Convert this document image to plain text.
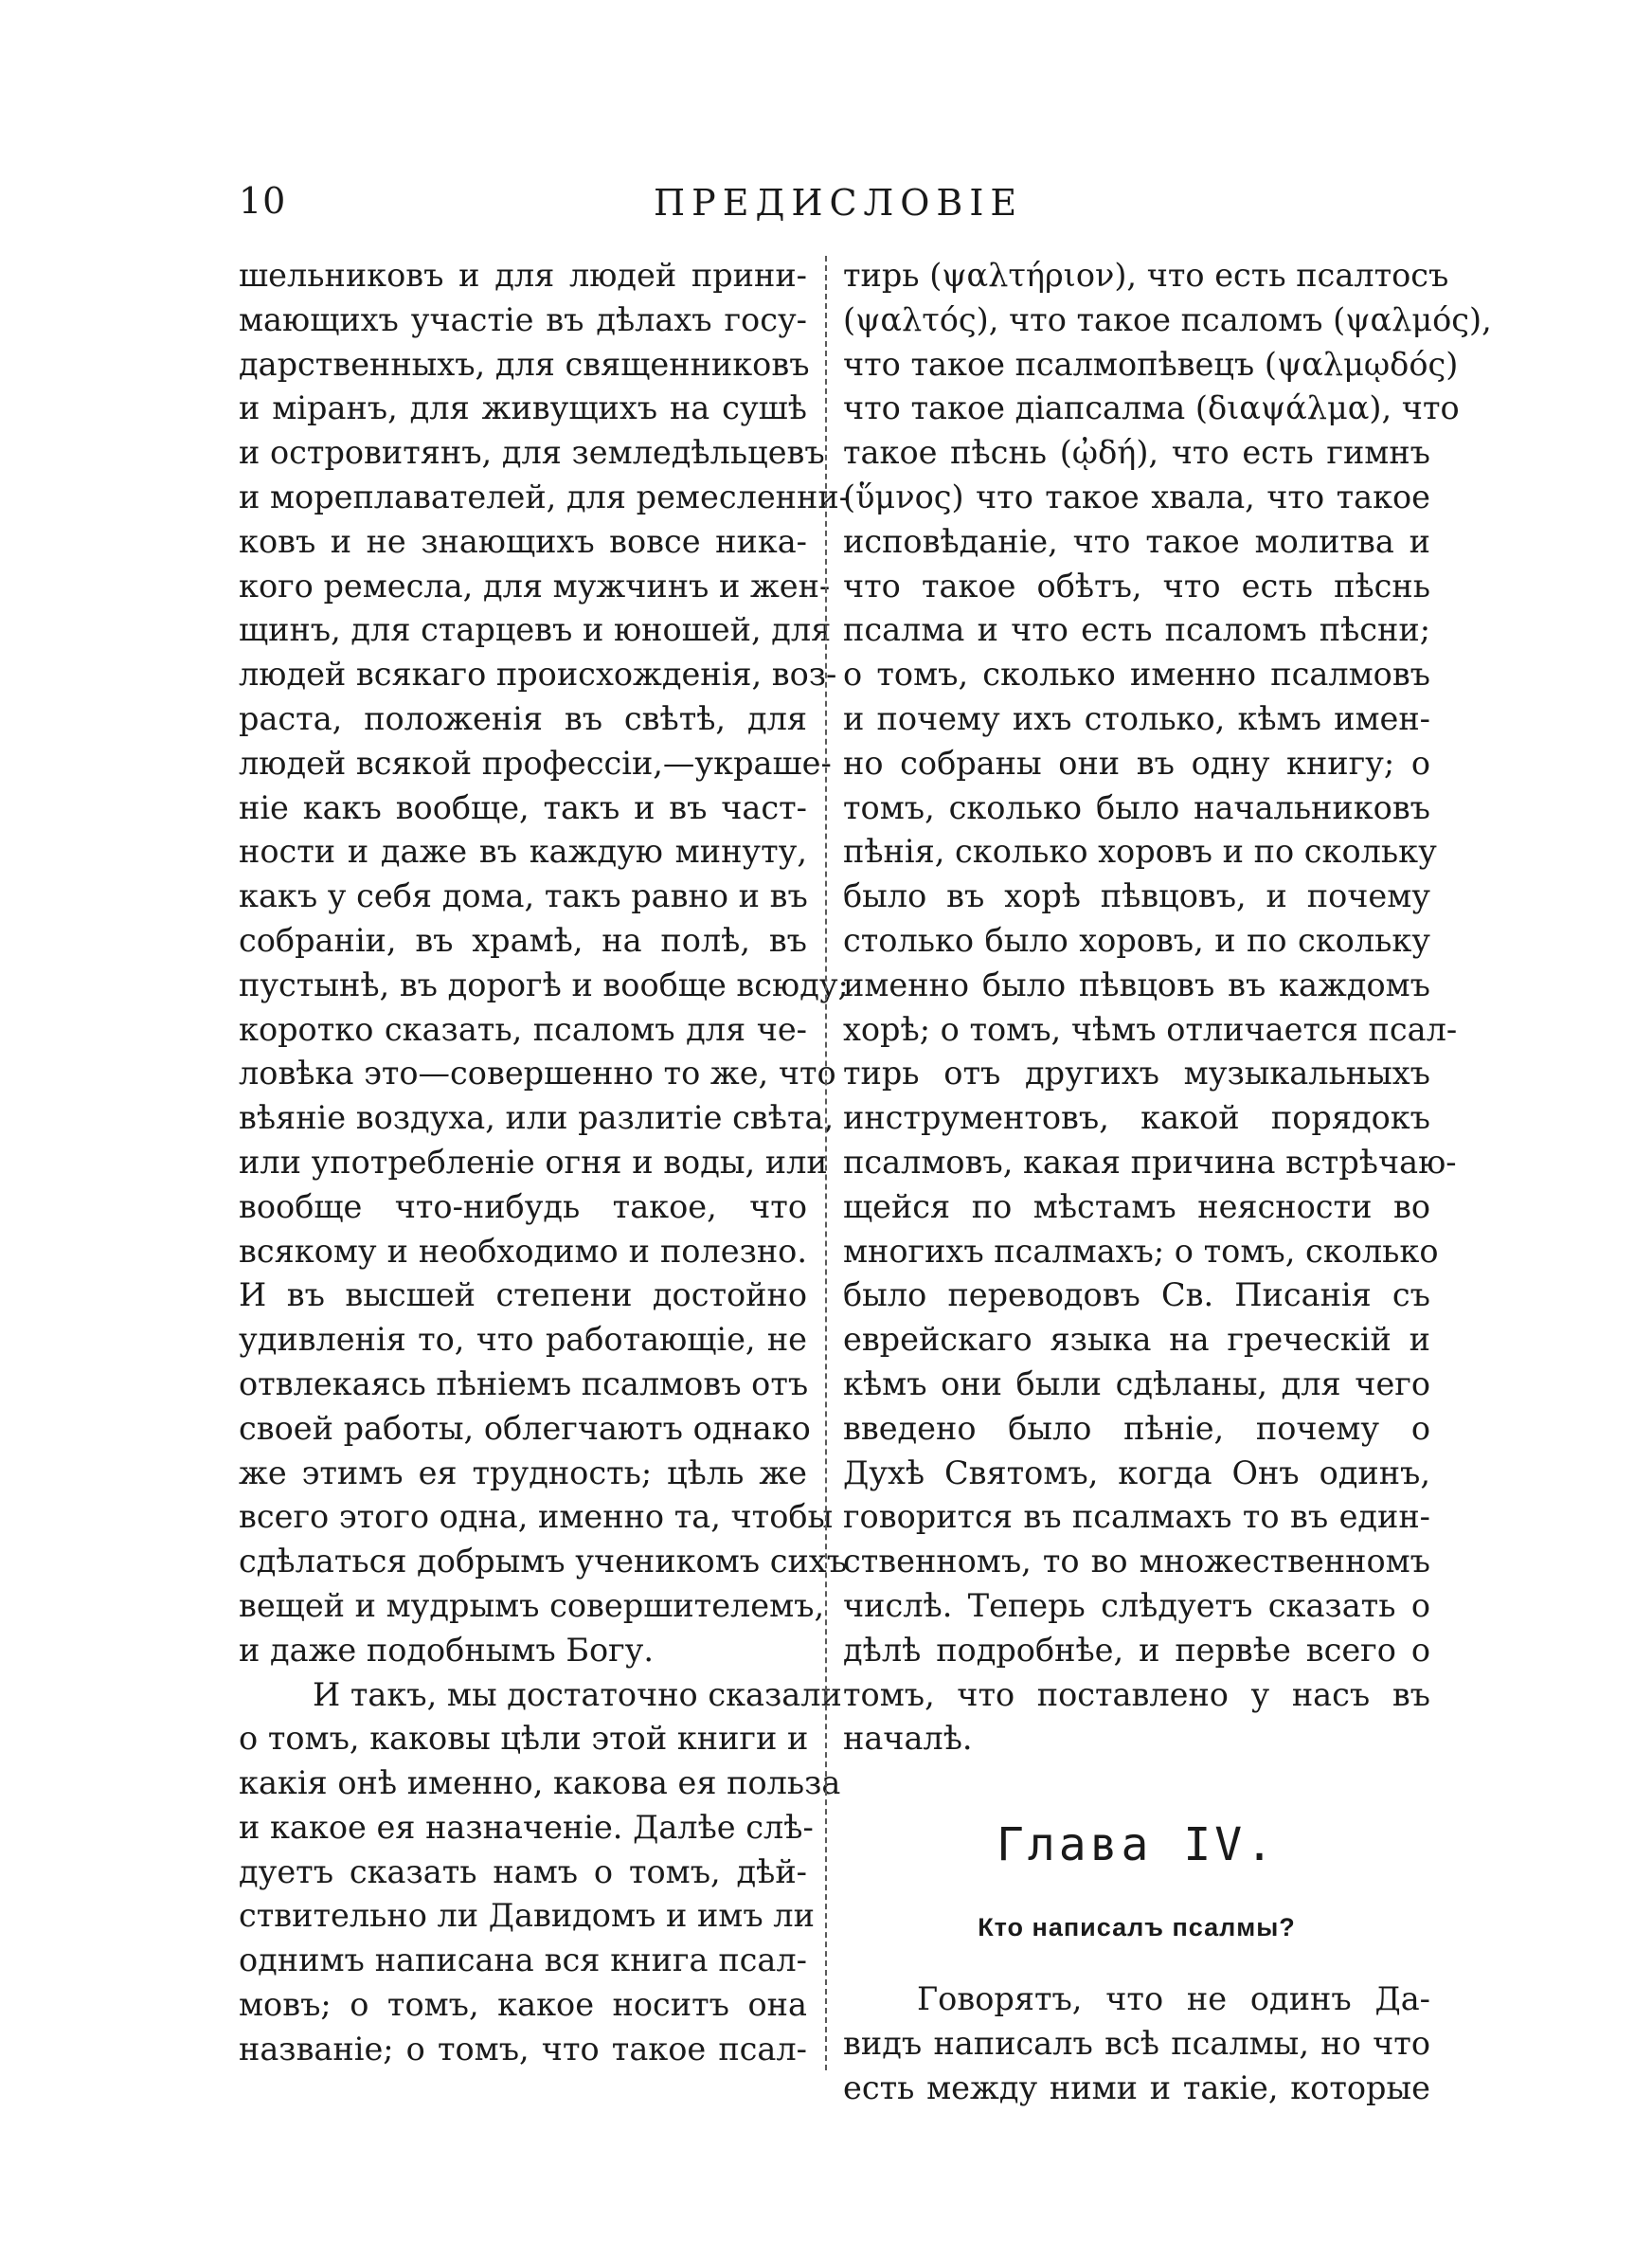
10	ПРЕДИСЛОВІЕ
шельниковъ и для людей прини-
мающихъ участіе въ дѣлахъ госу-
дарственныхъ, для священниковъ
и міранъ, для живущихъ на сушѣ
и островитянъ, для земледѣльцевъ
и мореплавателей, для ремесленни-
ковъ и не знающихъ вовсе ника-
кого ремесла, для мужчинъ и жен-
щинъ, для старцевъ и юношей, для
людей всякаго происхожденія, воз-
раста, положенія въ свѣтѣ, для
людей всякой профессіи,—украше-
ніе какъ вообще, такъ и въ част-
ности и даже въ каждую минуту,
какъ у себя дома, такъ равно и въ
собраніи, въ храмѣ, на полѣ, въ
пустынѣ, въ дорогѣ и вообще всюду;
коротко сказать, псаломъ для че-
ловѣка это—совершенно то же, что
вѣяніе воздуха, или разлитіе свѣта,
или употребленіе огня и воды, или
вообще что-нибудь такое, что
всякому и необходимо и полезно.
И въ высшей степени достойно
удивленія то, что работающіе, не
отвлекаясь пѣніемъ псалмовъ отъ
своей работы, облегчаютъ однако
же этимъ ея трудность; цѣль же
всего этого одна, именно та, чтобы
сдѣлаться добрымъ ученикомъ сихъ
вещей и мудрымъ совершителемъ,
и даже подобнымъ Богу.
И такъ, мы достаточно сказали
о томъ, каковы цѣли этой книги и
какія онѣ именно, какова ея польза
и какое ея назначеніе. Далѣе слѣ-
дуетъ сказать намъ о томъ, дѣй-
ствительно ли Давидомъ и имъ ли
однимъ написана вся книга псал-
мовъ; о томъ, какое носитъ она
названіе; о томъ, что такое псал-
тирь (ψαλτήριον), что есть псалтосъ
(ψαλτός), что такое псаломъ (ψαλμός),
что такое псалмопѣвецъ (ψαλμῳδός)
что такое діапсалма (διαψάλμα), что
такое пѣснь (ᾠδή), что есть гимнъ
(ὕμνος) что такое хвала, что такое
исповѣданіе, что такое молитва и
что такое обѣтъ, что есть пѣснь
псалма и что есть псаломъ пѣсни;
о томъ, сколько именно псалмовъ
и почему ихъ столько, кѣмъ имен-
но собраны они въ одну книгу; о
томъ, сколько было начальниковъ
пѣнія, сколько хоровъ и по скольку
было въ хорѣ пѣвцовъ, и почему
столько было хоровъ, и по скольку
именно было пѣвцовъ въ каждомъ
хорѣ; о томъ, чѣмъ отличается псал-
тирь отъ другихъ музыкальныхъ
инструментовъ, какой порядокъ
псалмовъ, какая причина встрѣчаю-
щейся по мѣстамъ неясности во
многихъ псалмахъ; о томъ, сколько
было переводовъ Св. Писанія съ
еврейскаго языка на греческій и
кѣмъ они были сдѣланы, для чего
введено было пѣніе, почему о
Духѣ Святомъ, когда Онъ одинъ,
говорится въ псалмахъ то въ един-
ственномъ, то во множественномъ
числѣ. Теперь слѣдуетъ сказать о
дѣлѣ подробнѣе, и первѣе всего о
томъ, что поставлено у насъ въ
началѣ.
Глава IV.
Кто написалъ псалмы?
Говорятъ, что не одинъ Да-
видъ написалъ всѣ псалмы, но что
есть между ними и такіе, которые
